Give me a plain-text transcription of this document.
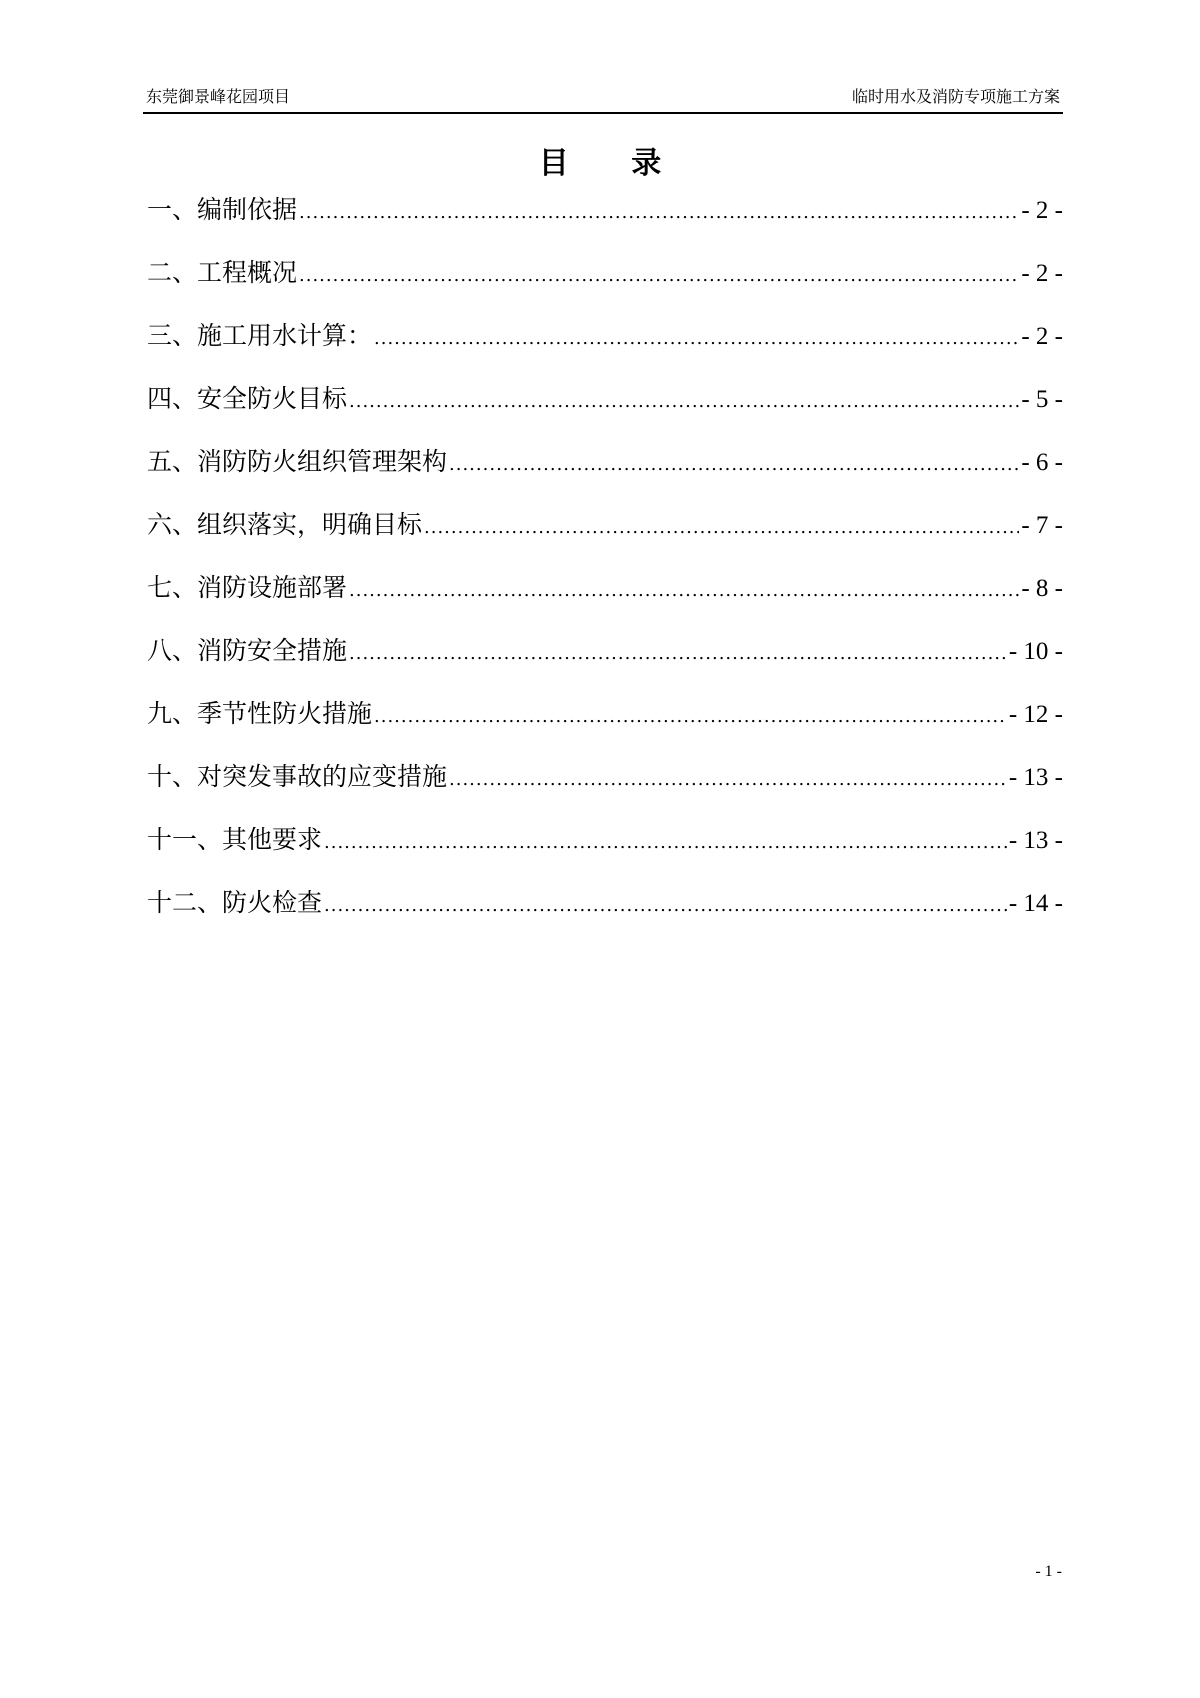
东莞御景峰花园项目	临时用水及消防专项施工方案
目 录
一、编制依据 .....	- 2 -
二、工程概况 .....	- 2 -
三、施工用水计算： .....	- 2 -
四、安全防火目标 .....	- 5 -
五、消防防火组织管理架构 .....	- 6 -
六、组织落实，明确目标 .....	- 7 -
七、消防设施部署 .....	- 8 -
八、消防安全措施 .....	- 10 -
九、季节性防火措施 .....	- 12 -
十、对突发事故的应变措施 .....	- 13 -
十一、其他要求 .....	- 13 -
十二、防火检查 .....	- 14 -
- 1 -
